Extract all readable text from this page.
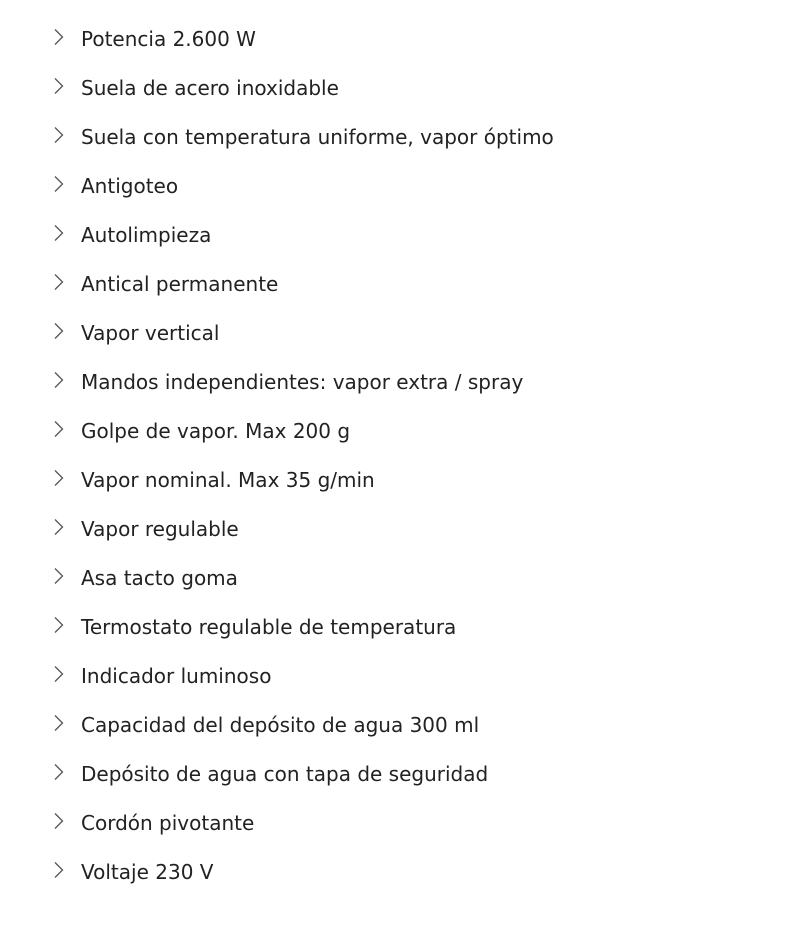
Potencia 2.600 W
Suela de acero inoxidable
Suela con temperatura uniforme, vapor óptimo
Antigoteo
Autolimpieza
Antical permanente
Vapor vertical
Mandos independientes: vapor extra / spray
Golpe de vapor. Max 200 g
Vapor nominal. Max 35 g/min
Vapor regulable
Asa tacto goma
Termostato regulable de temperatura
Indicador luminoso
Capacidad del depósito de agua 300 ml
Depósito de agua con tapa de seguridad
Cordón pivotante
Voltaje 230 V
